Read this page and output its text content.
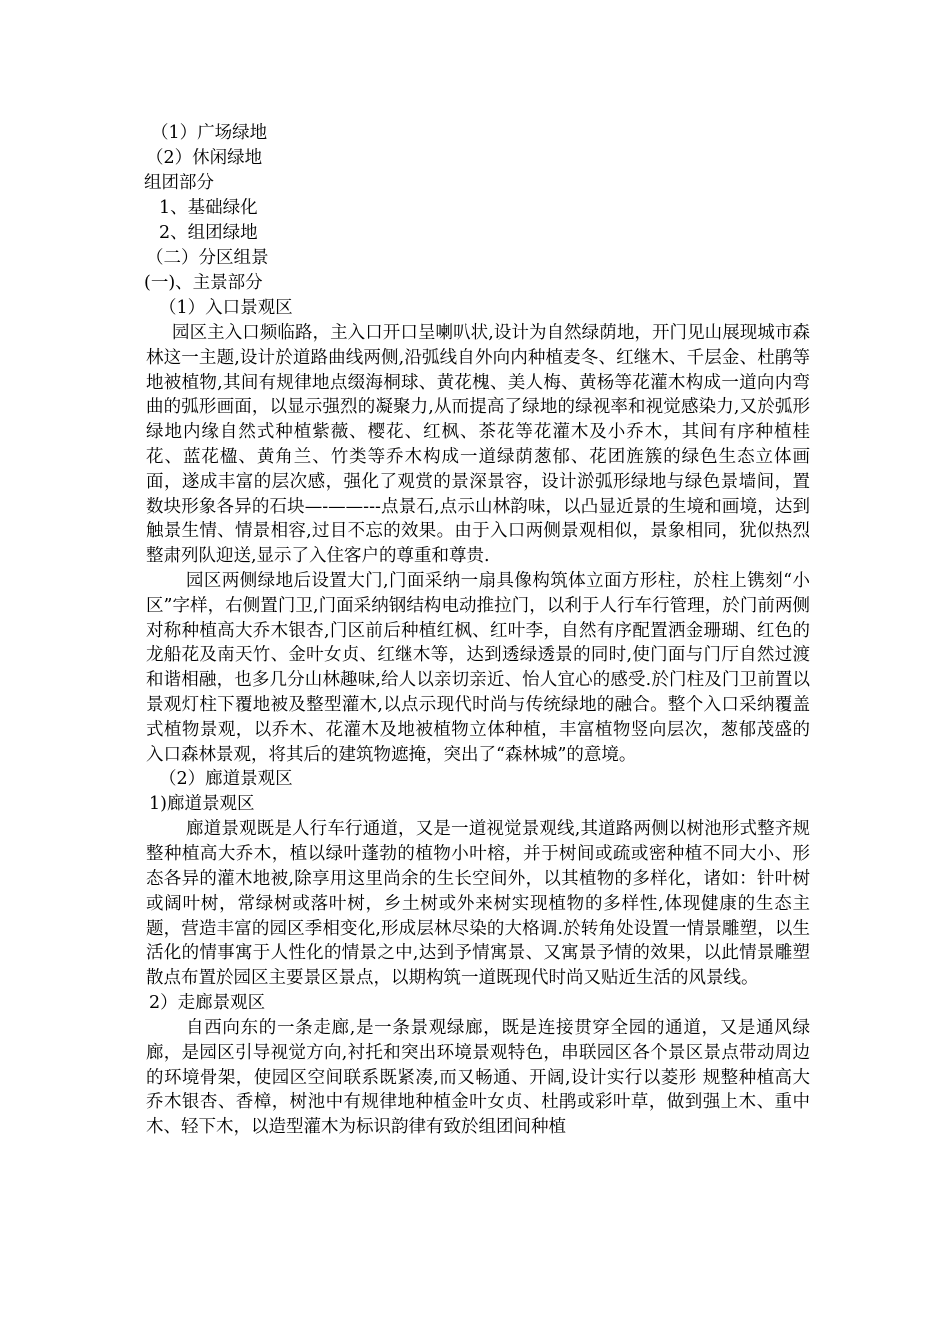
（1）广场绿地
（2）休闲绿地
组团部分
1、基础绿化
2、组团绿地
（二）分区组景
(一)、主景部分
（1）入口景观区

园区主入口频临路，主入口开口呈喇叭状,设计为自然绿荫地，开门见山展现城市森林这一主题,设计於道路曲线两侧,沿弧线自外向内种植麦冬、红继木、千层金、杜鹃等地被植物,其间有规律地点缀海桐球、黄花槐、美人梅、黄杨等花灌木构成一道向内弯曲的弧形画面，以显示强烈的凝聚力,从而提高了绿地的绿视率和视觉感染力,又於弧形绿地内缘自然式种植紫薇、樱花、红枫、茶花等花灌木及小乔木，其间有序种植桂花、蓝花楹、黄角兰、竹类等乔木构成一道绿荫葱郁、花团旌簇的绿色生态立体画面，遂成丰富的层次感，强化了观赏的景深景容，设计淤弧形绿地与绿色景墙间，置数块形象各异的石块—-——---点景石,点示山林韵味，以凸显近景的生境和画境，达到触景生情、情景相容,过目不忘的效果。由于入口两侧景观相似，景象相同，犹似热烈整肃列队迎送,显示了入住客户的尊重和尊贵.

园区两侧绿地后设置大门,门面采纳一扇具像构筑体立面方形柱，於柱上镌刻“小区”字样，右侧置门卫,门面采纳钢结构电动推拉门，以利于人行车行管理，於门前两侧对称种植高大乔木银杏,门区前后种植红枫、红叶李，自然有序配置洒金珊瑚、红色的龙船花及南天竹、金叶女贞、红继木等，达到透绿透景的同时,使门面与门厅自然过渡和谐相融，也多几分山林趣味,给人以亲切亲近、怡人宜心的感受.於门柱及门卫前置以景观灯柱下覆地被及整型灌木,以点示现代时尚与传统绿地的融合。整个入口采纳覆盖式植物景观，以乔木、花灌木及地被植物立体种植，丰富植物竖向层次，葱郁茂盛的入口森林景观，将其后的建筑物遮掩，突出了“森林城”的意境。

（2）廊道景观区
1)廊道景观区

廊道景观既是人行车行通道，又是一道视觉景观线,其道路两侧以树池形式整齐规整种植高大乔木，植以绿叶蓬勃的植物小叶榕，并于树间或疏或密种植不同大小、形态各异的灌木地被,除享用这里尚余的生长空间外，以其植物的多样化，诸如：针叶树或阔叶树，常绿树或落叶树，乡土树或外来树实现植物的多样性,体现健康的生态主题，营造丰富的园区季相变化,形成层林尽染的大格调.於转角处设置一情景雕塑，以生活化的情事寓于人性化的情景之中,达到予情寓景、又寓景予情的效果，以此情景雕塑散点布置於园区主要景区景点，以期构筑一道既现代时尚又贴近生活的风景线。

2）走廊景观区

自西向东的一条走廊,是一条景观绿廊，既是连接贯穿全园的通道，又是通风绿廊，是园区引导视觉方向,衬托和突出环境景观特色，串联园区各个景区景点带动周边的环境骨架，使园区空间联系既紧凑,而又畅通、开阔,设计实行以菱形 规整种植高大乔木银杏、香樟，树池中有规律地种植金叶女贞、杜鹃或彩叶草，做到强上木、重中木、轻下木，以造型灌木为标识韵律有致於组团间种植
